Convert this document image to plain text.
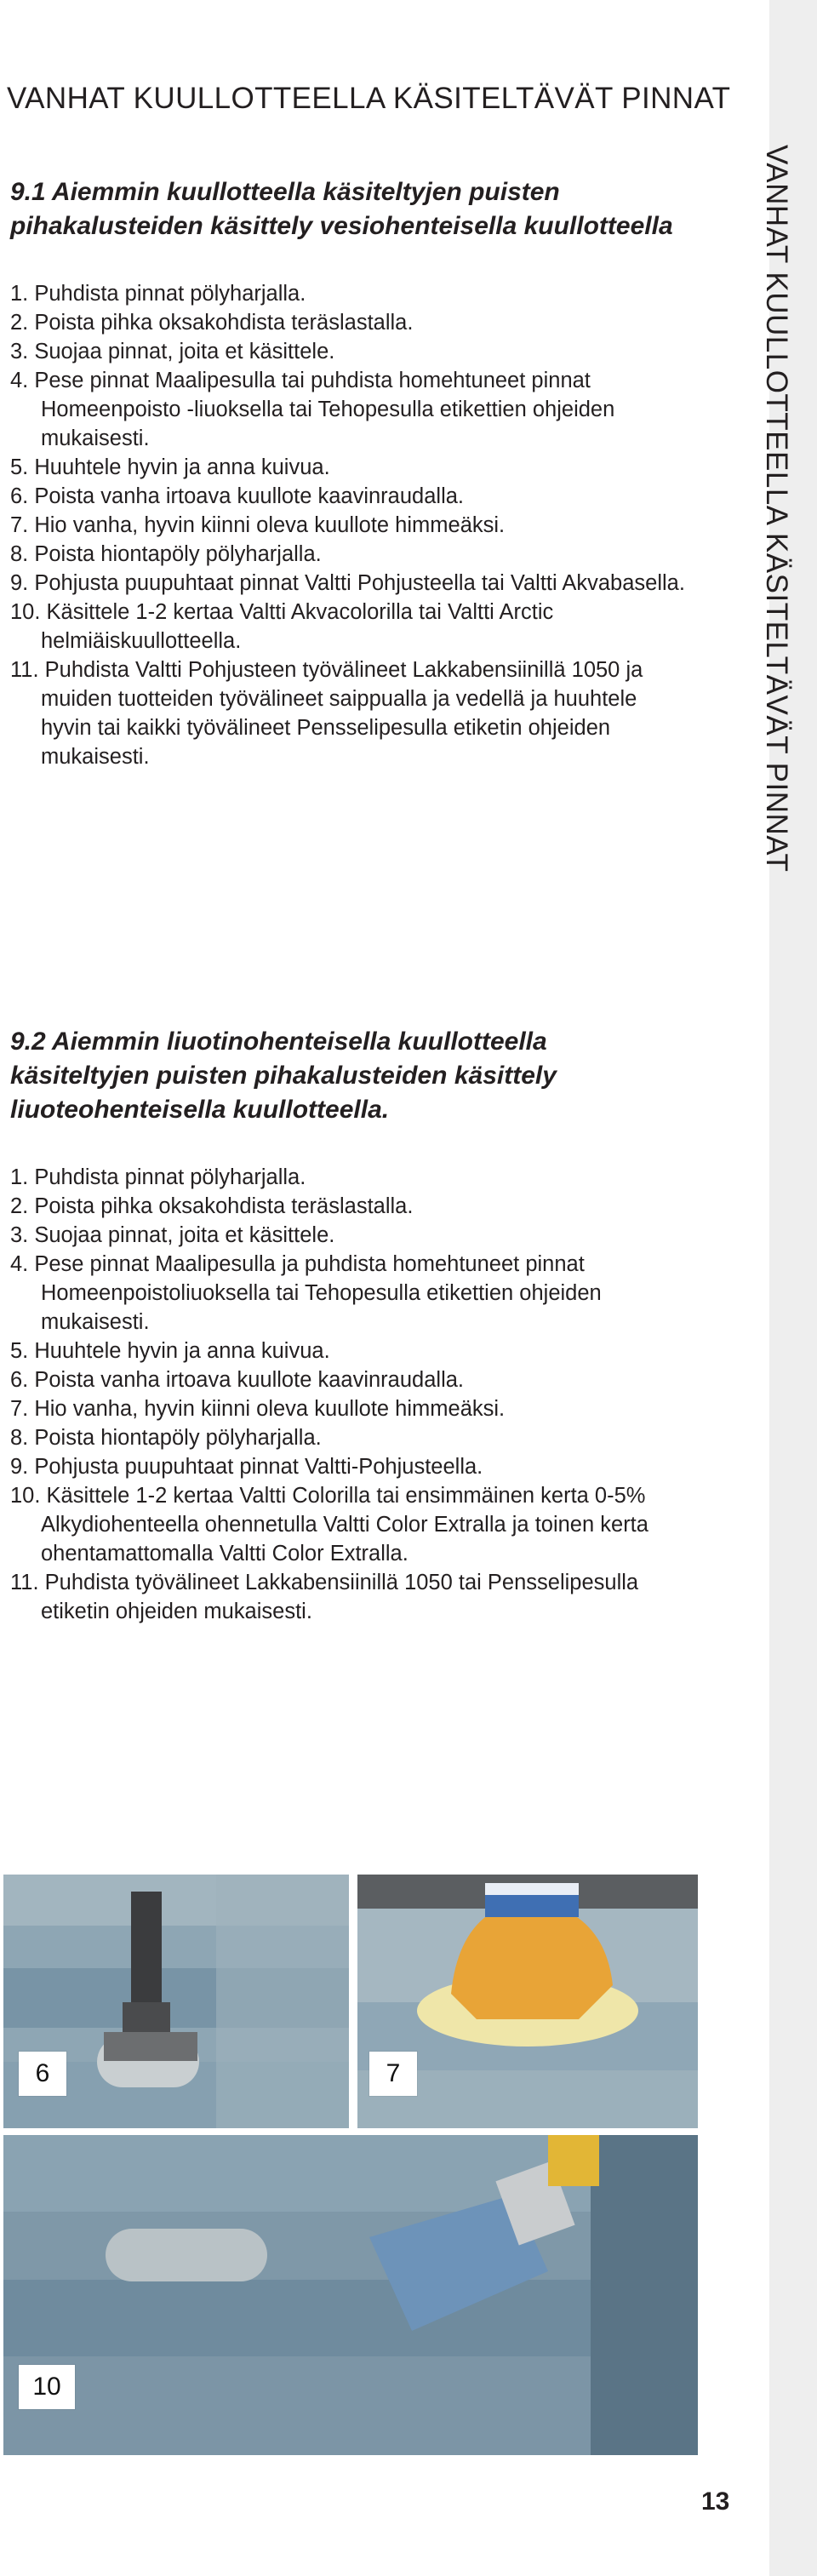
VANHAT KUULLOTTEELLA KÄSITELTÄVÄT PINNAT
VANHAT KUULLOTTEELLA KÄSITELTÄVÄT PINNAT
9.1 Aiemmin kuullotteella käsiteltyjen puisten pihakalusteiden käsittely vesiohenteisella kuullotteella
1. Puhdista pinnat pölyharjalla.
2. Poista pihka oksakohdista teräslastalla.
3. Suojaa pinnat, joita et käsittele.
4. Pese pinnat Maalipesulla tai puhdista homehtuneet pinnat Homeenpoisto -liuoksella tai Tehopesulla etikettien ohjeiden mukaisesti.
5. Huuhtele hyvin ja anna kuivua.
6. Poista vanha irtoava kuullote kaavinraudalla.
7. Hio vanha, hyvin kiinni oleva kuullote himmeäksi.
8. Poista hiontapöly pölyharjalla.
9. Pohjusta puupuhtaat pinnat Valtti Pohjusteella tai Valtti Akvabasella.
10. Käsittele 1-2 kertaa Valtti Akvacolorilla tai Valtti Arctic helmiäiskuullotteella.
11. Puhdista Valtti Pohjusteen työvälineet Lakkabensiinillä 1050 ja muiden tuotteiden työvälineet saippualla ja vedellä ja huuhtele hyvin tai kaikki työvälineet Pensselipesulla etiketin ohjeiden mukaisesti.
9.2 Aiemmin liuotinohenteisella kuullotteella käsiteltyjen puisten pihakalusteiden käsittely liuoteohenteisella kuullotteella.
1. Puhdista pinnat pölyharjalla.
2. Poista pihka oksakohdista teräslastalla.
3. Suojaa pinnat, joita et käsittele.
4. Pese pinnat Maalipesulla ja puhdista homehtuneet pinnat Homeenpoistoliuoksella tai Tehopesulla etikettien ohjeiden mukaisesti.
5. Huuhtele hyvin ja anna kuivua.
6. Poista vanha irtoava kuullote kaavinraudalla.
7. Hio vanha, hyvin kiinni oleva kuullote himmeäksi.
8. Poista hiontapöly pölyharjalla.
9. Pohjusta puupuhtaat pinnat Valtti-Pohjusteella.
10. Käsittele 1-2 kertaa Valtti Colorilla tai ensimmäinen kerta 0-5% Alkydiohenteella ohennetulla Valtti Color Extralla ja toinen kerta ohentamattomalla Valtti Color Extralla.
11. Puhdista työvälineet Lakkabensiinillä 1050 tai Pensselipesulla etiketin ohjeiden mukaisesti.
6	7
10
13
